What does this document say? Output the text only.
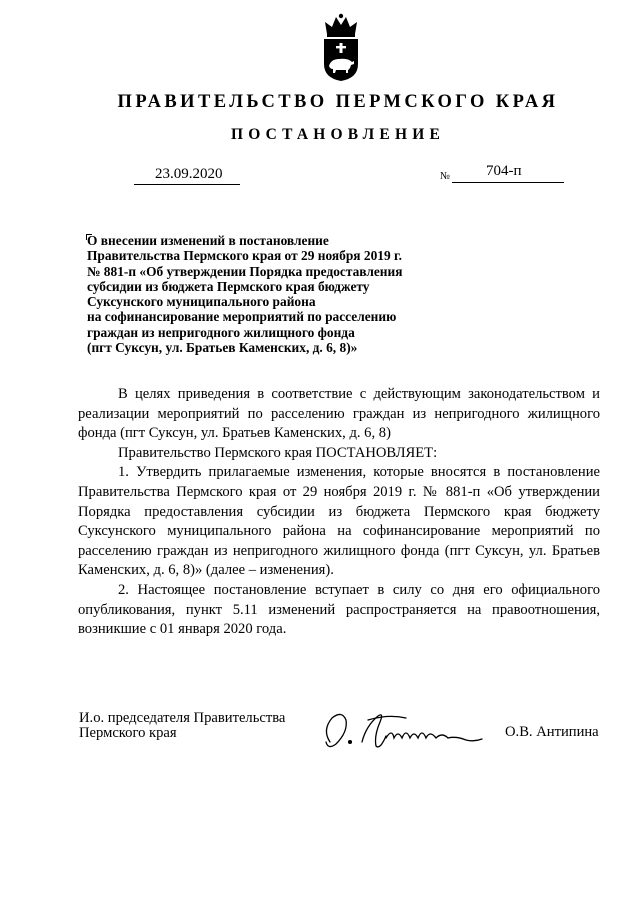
ПРАВИТЕЛЬСТВО ПЕРМСКОГО КРАЯ
ПОСТАНОВЛЕНИЕ
23.09.2020	№ 704-п
О внесении изменений в постановление
Правительства Пермского края от 29 ноября 2019 г.
№ 881-п «Об утверждении Порядка предоставления
субсидии из бюджета Пермского края бюджету
Суксунского муниципального района
на софинансирование мероприятий по расселению
граждан из непригодного жилищного фонда
(пгт Суксун, ул. Братьев Каменских, д. 6, 8)»

В целях приведения в соответствие с действующим законодательством и реализации мероприятий по расселению граждан из непригодного жилищного фонда (пгт Суксун, ул. Братьев Каменских, д. 6, 8)

Правительство Пермского края ПОСТАНОВЛЯЕТ:

1. Утвердить прилагаемые изменения, которые вносятся в постановление Правительства Пермского края от 29 ноября 2019 г. № 881-п «Об утверждении Порядка предоставления субсидии из бюджета Пермского края бюджету Суксунского муниципального района на софинансирование мероприятий по расселению граждан из непригодного жилищного фонда (пгт Суксун, ул. Братьев Каменских, д. 6, 8)» (далее – изменения).

2. Настоящее постановление вступает в силу со дня его официального опубликования, пункт 5.11 изменений распространяется на правоотношения, возникшие с 01 января 2020 года.

И.о. председателя Правительства
Пермского края	О.В. Антипина
